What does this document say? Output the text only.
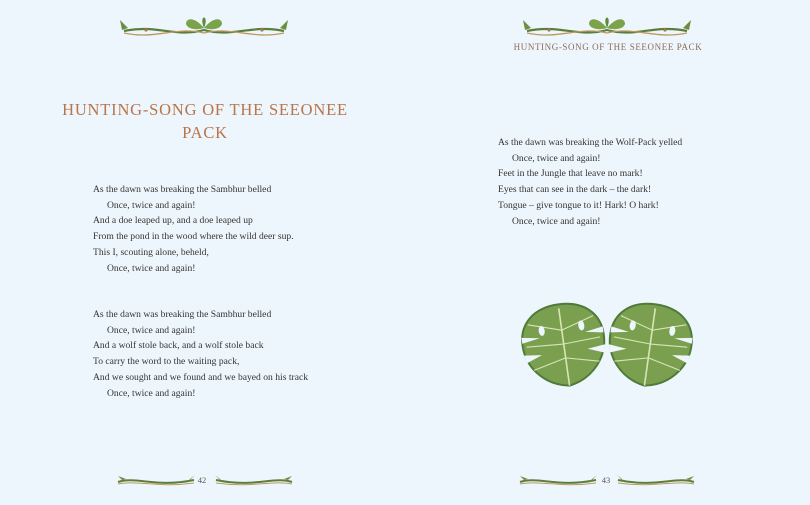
HUNTING-SONG OF THE SEEONEE PACK
As the dawn was breaking the Sambhur belled
Once, twice and again!
And a doe leaped up, and a doe leaped up
From the pond in the wood where the wild deer sup.
This I, scouting alone, beheld,
Once, twice and again!
As the dawn was breaking the Sambhur belled
Once, twice and again!
And a wolf stole back, and a wolf stole back
To carry the word to the waiting pack,
And we sought and we found and we bayed on his track
Once, twice and again!
42
HUNTING-SONG OF THE SEEONEE PACK
As the dawn was breaking the Wolf-Pack yelled
Once, twice and again!
Feet in the Jungle that leave no mark!
Eyes that can see in the dark – the dark!
Tongue – give tongue to it! Hark! O hark!
Once, twice and again!
43
